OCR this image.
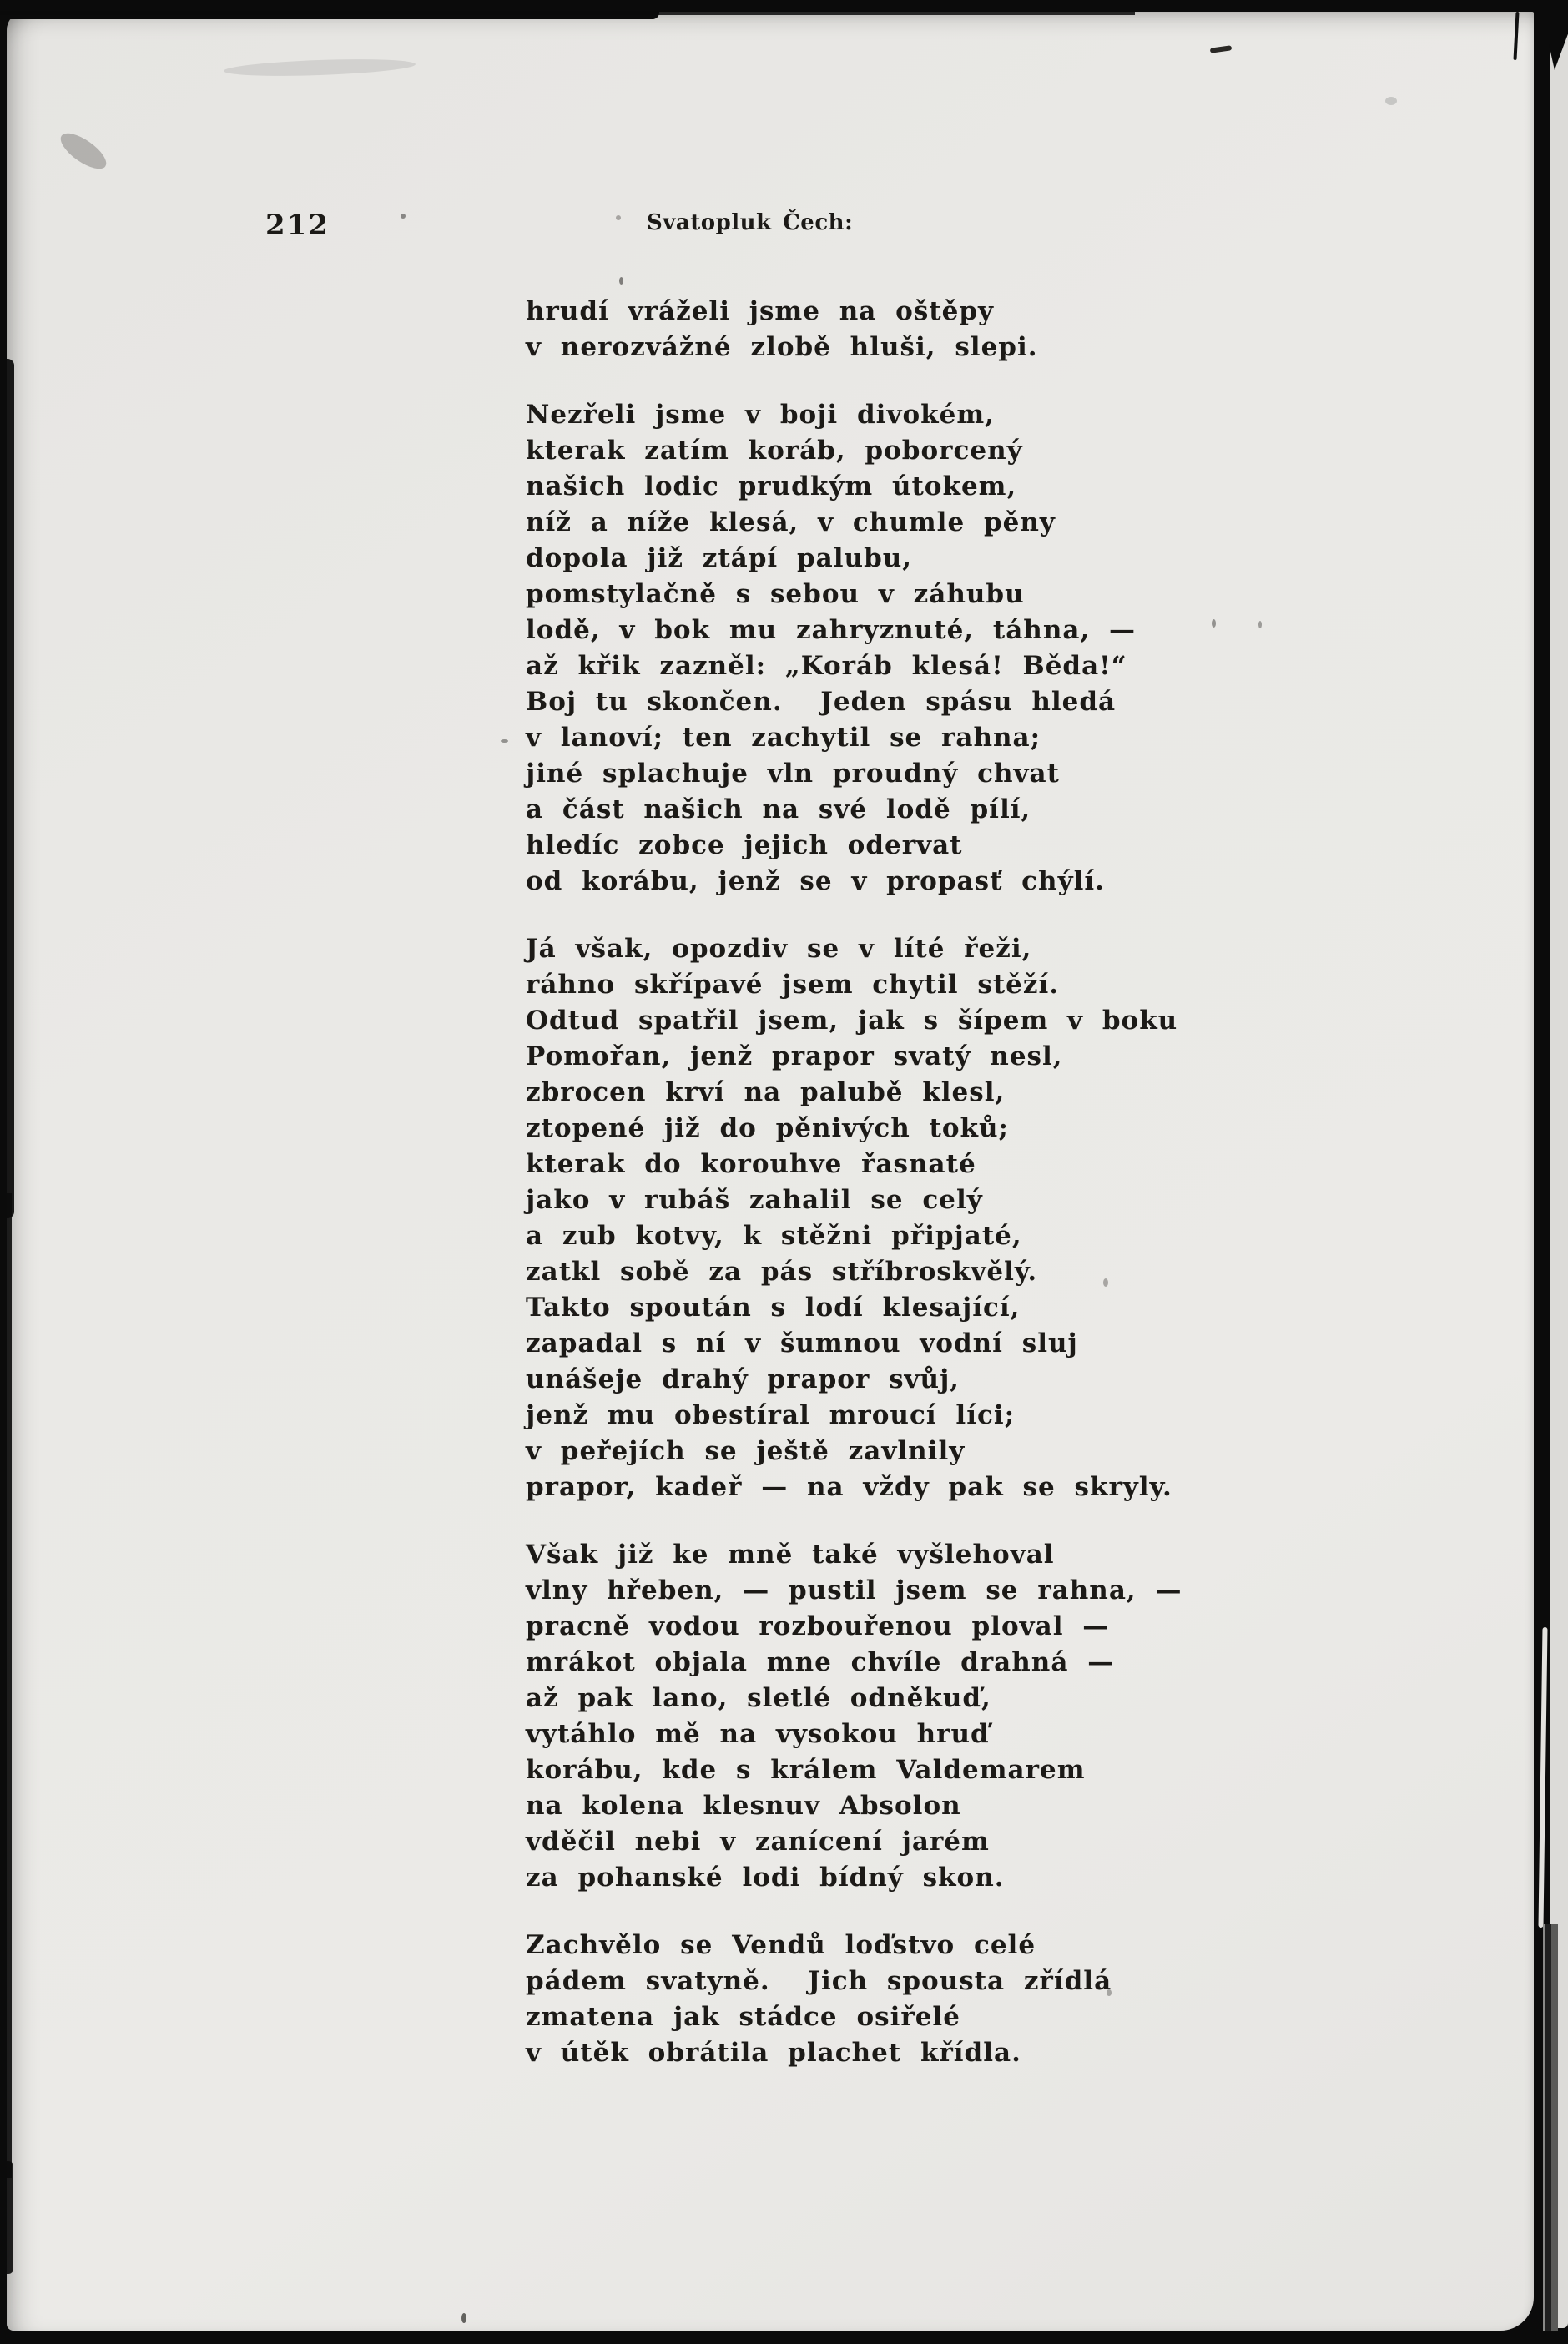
212	Svatopluk Čech:
hrudí vráželi jsme na oštěpy
v nerozvážné zlobě hluši, slepi.
Nezřeli jsme v boji divokém,
kterak zatím koráb, poborcený
našich lodic prudkým útokem,
níž a níže klesá, v chumle pěny
dopola již ztápí palubu,
pomstylačně s sebou v záhubu
lodě, v bok mu zahryznuté, táhna, —
až křik zazněl: „Koráb klesá! Běda!“
Boj tu skončen.  Jeden spásu hledá
v lanoví; ten zachytil se rahna;
jiné splachuje vln proudný chvat
a část našich na své lodě pílí,
hledíc zobce jejich odervat
od korábu, jenž se v propasť chýlí.
Já však, opozdiv se v líté řeži,
ráhno skřípavé jsem chytil stěží.
Odtud spatřil jsem, jak s šípem v boku
Pomořan, jenž prapor svatý nesl,
zbrocen krví na palubě klesl,
ztopené již do pěnivých toků;
kterak do korouhve řasnaté
jako v rubáš zahalil se celý
a zub kotvy, k stěžni připjaté,
zatkl sobě za pás stříbroskvělý.
Takto spoután s lodí klesající,
zapadal s ní v šumnou vodní sluj
unášeje drahý prapor svůj,
jenž mu obestíral mroucí líci;
v peřejích se ještě zavlnily
prapor, kadeř — na vždy pak se skryly.
Však již ke mně také vyšlehoval
vlny hřeben, — pustil jsem se rahna, —
pracně vodou rozbouřenou ploval —
mrákot objala mne chvíle drahná —
až pak lano, sletlé odněkuď,
vytáhlo mě na vysokou hruď
korábu, kde s králem Valdemarem
na kolena klesnuv Absolon
vděčil nebi v zanícení jarém
za pohanské lodi bídný skon.
Zachvělo se Vendů loďstvo celé
pádem svatyně.  Jich spousta zřídlá
zmatena jak stádce osiřelé
v útěk obrátila plachet křídla.
